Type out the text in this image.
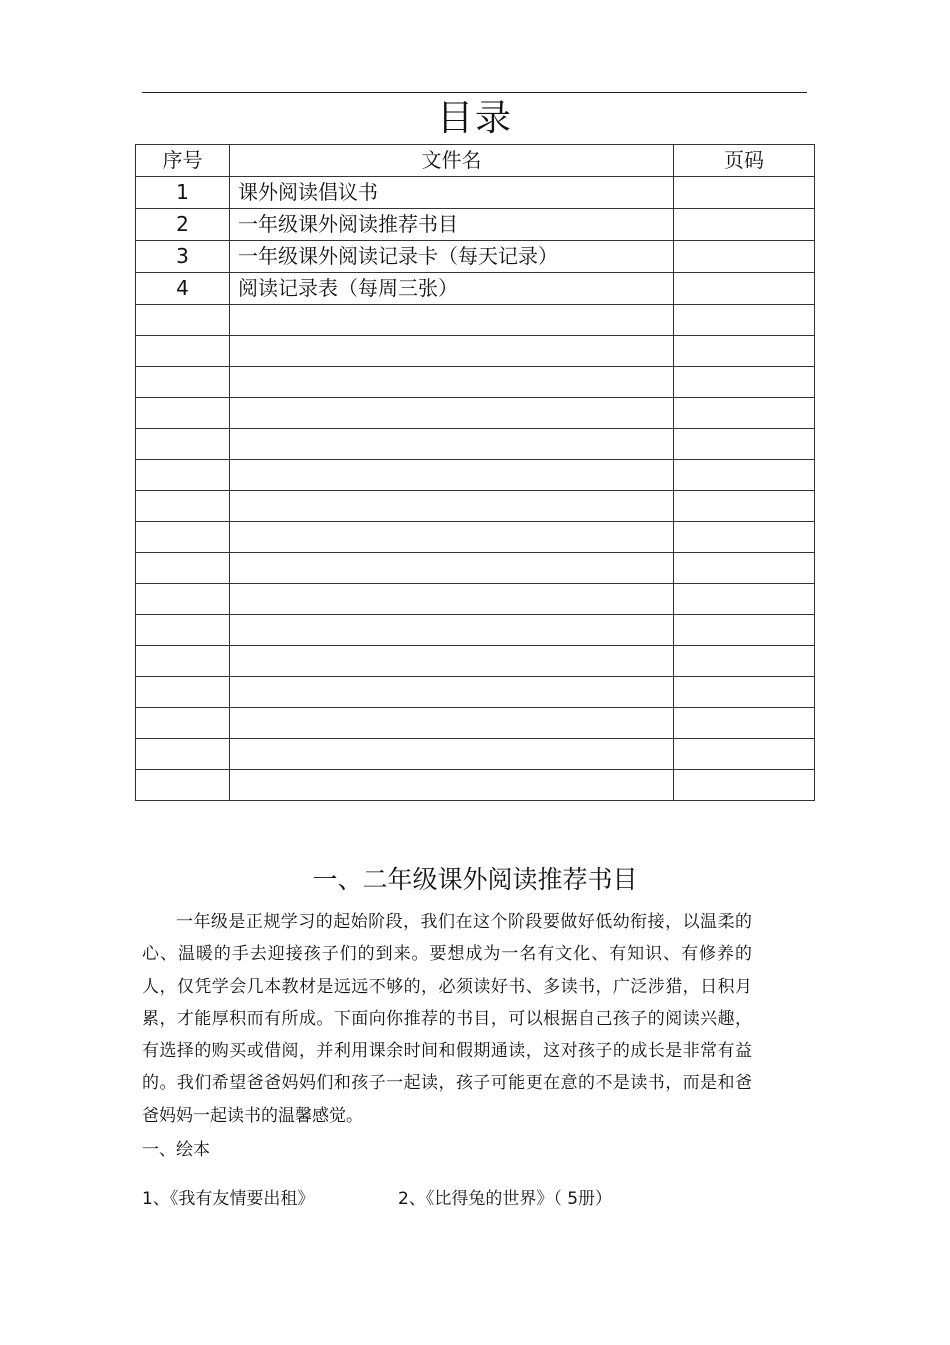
目录
序号	文件名	页码
1	课外阅读倡议书	
2	一年级课外阅读推荐书目	
3	一年级课外阅读记录卡（每天记录）	
4	阅读记录表（每周三张）	

一、二年级课外阅读推荐书目

一年级是正规学习的起始阶段，我们在这个阶段要做好低幼衔接，以温柔的心、温暖的手去迎接孩子们的到来。要想成为一名有文化、有知识、有修养的人，仅凭学会几本教材是远远不够的，必须读好书、多读书，广泛涉猎，日积月累，才能厚积而有所成。下面向你推荐的书目，可以根据自己孩子的阅读兴趣，有选择的购买或借阅，并利用课余时间和假期通读，这对孩子的成长是非常有益的。我们希望爸爸妈妈们和孩子一起读，孩子可能更在意的不是读书，而是和爸爸妈妈一起读书的温馨感觉。

一、绘本
1、《我有友情要出租》	2、《比得兔的世界》（ 5册）
